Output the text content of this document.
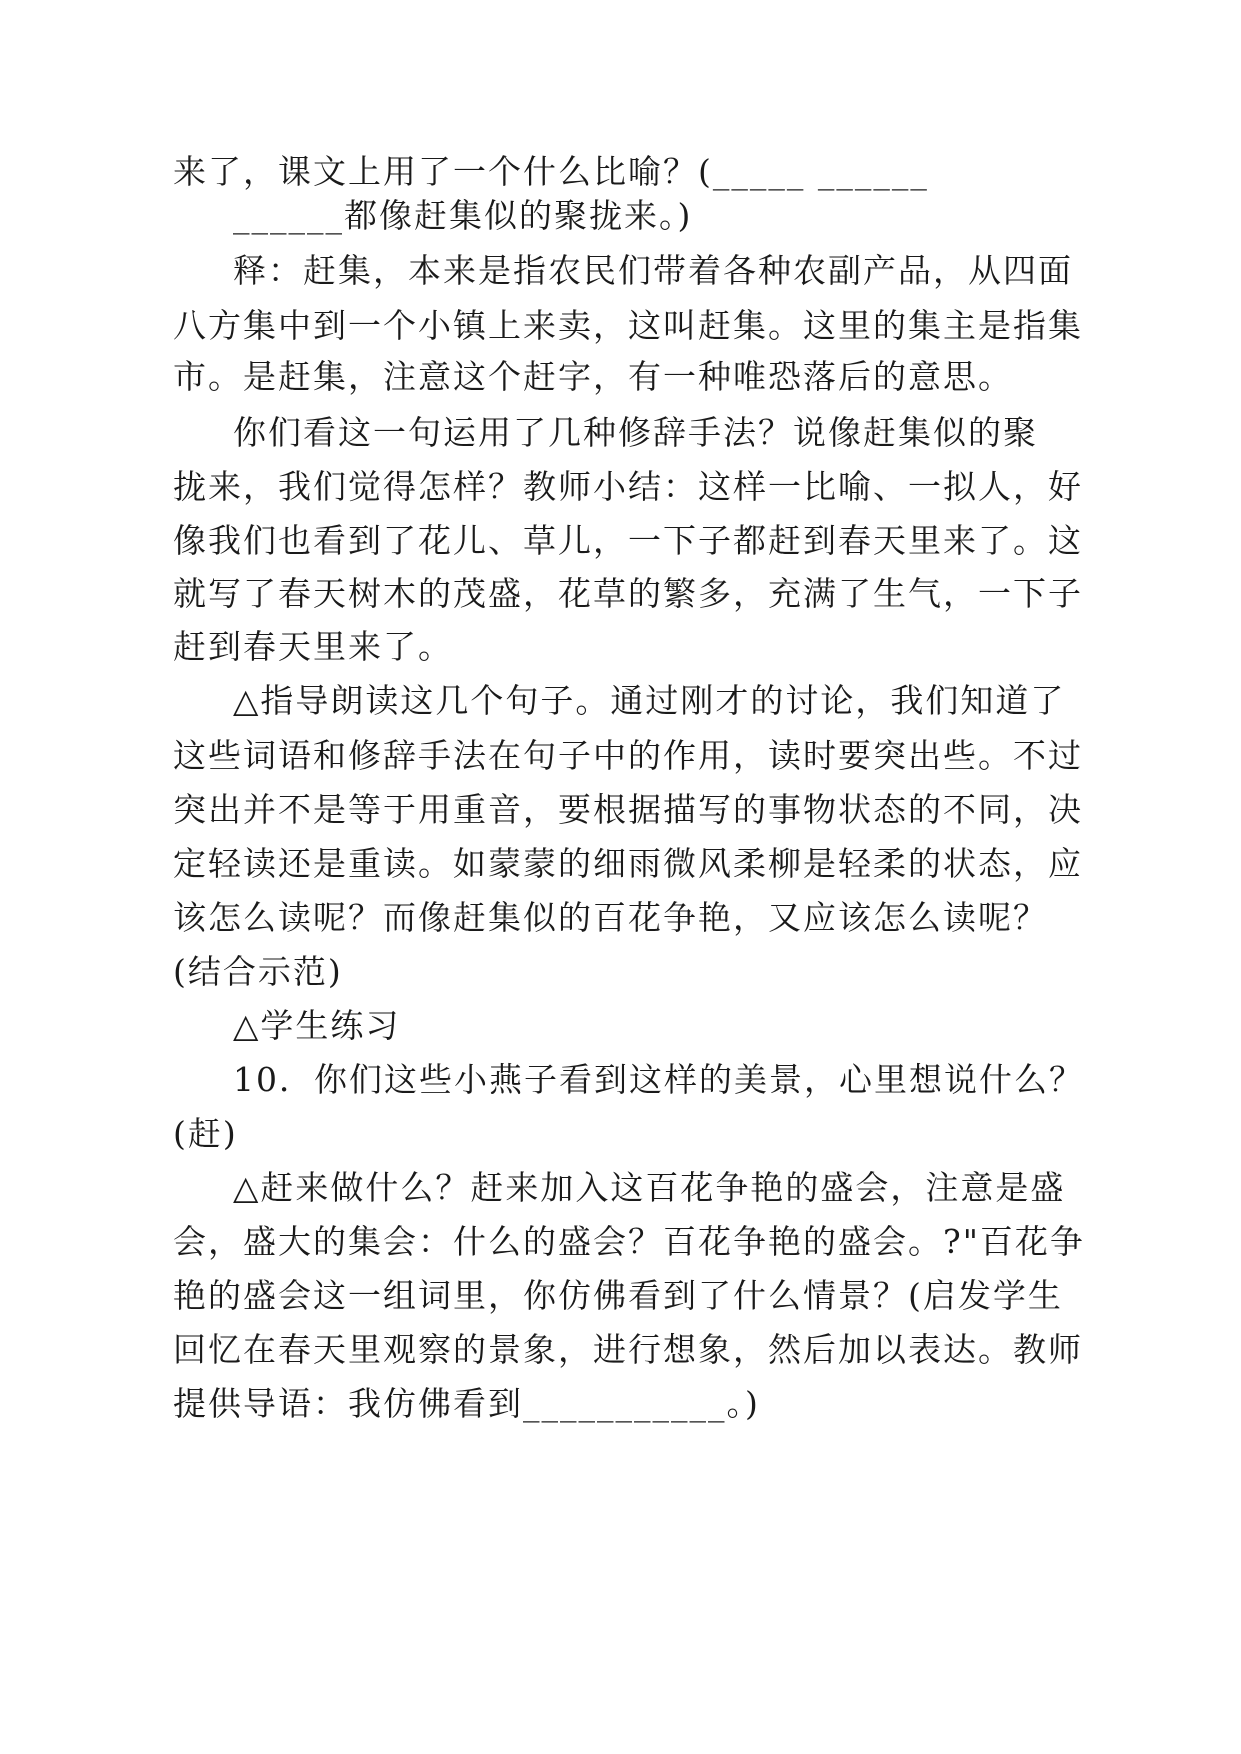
来了，课文上用了一个什么比喻？(_____ ______
______都像赶集似的聚拢来。)
释：赶集，本来是指农民们带着各种农副产品，从四面
八方集中到一个小镇上来卖，这叫赶集。这里的集主是指集
市。是赶集，注意这个赶字，有一种唯恐落后的意思。
你们看这一句运用了几种修辞手法？说像赶集似的聚
拢来，我们觉得怎样？教师小结：这样一比喻、一拟人，好
像我们也看到了花儿、草儿，一下子都赶到春天里来了。这
就写了春天树木的茂盛，花草的繁多，充满了生气，一下子
赶到春天里来了。
△指导朗读这几个句子。通过刚才的讨论，我们知道了
这些词语和修辞手法在句子中的作用，读时要突出些。不过
突出并不是等于用重音，要根据描写的事物状态的不同，决
定轻读还是重读。如蒙蒙的细雨微风柔柳是轻柔的状态，应
该怎么读呢？而像赶集似的百花争艳，又应该怎么读呢？
(结合示范)
△学生练习
10．你们这些小燕子看到这样的美景，心里想说什么？
(赶)
△赶来做什么？赶来加入这百花争艳的盛会，注意是盛
会，盛大的集会：什么的盛会？百花争艳的盛会。?"百花争
艳的盛会这一组词里，你仿佛看到了什么情景？(启发学生
回忆在春天里观察的景象，进行想象，然后加以表达。教师
提供导语：我仿佛看到___________。)
